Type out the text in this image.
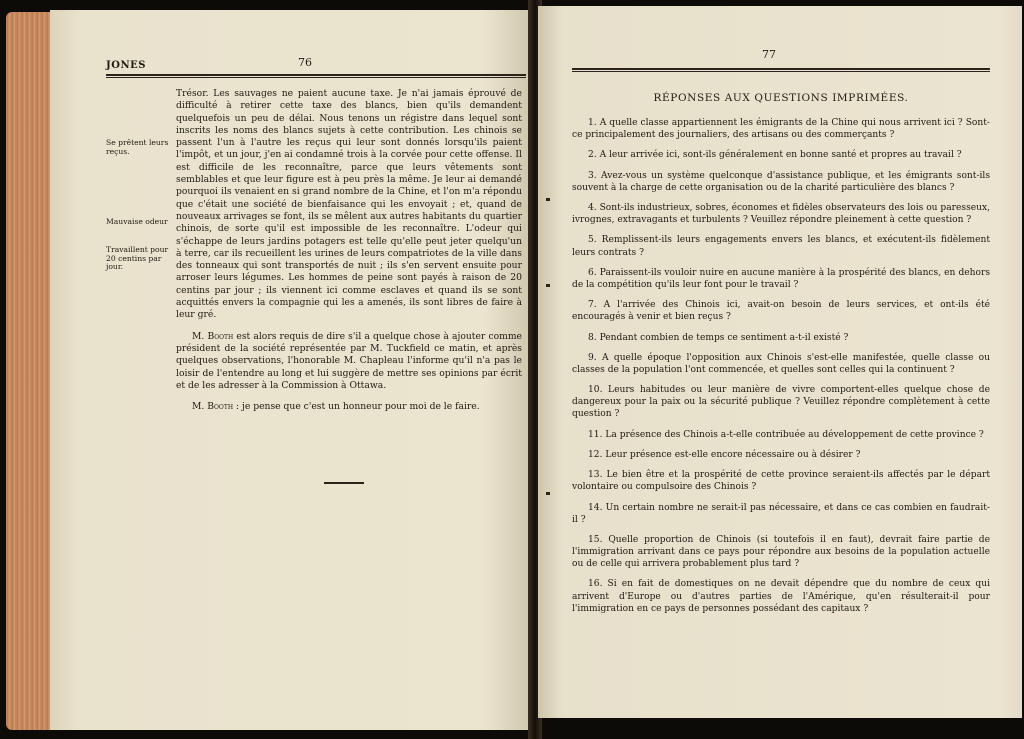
JONES	76
Se prêtent leurs reçus.
Mauvaise odeur
Travaillent pour 20 centins par jour.

Trésor. Les sauvages ne paient aucune taxe. Je n'ai jamais éprouvé de difficulté à retirer cette taxe des blancs, bien qu'ils demandent quelquefois un peu de délai. Nous tenons un régistre dans lequel sont inscrits les noms des blancs sujets à cette contribution. Les chinois se passent l'un à l'autre les reçus qui leur sont donnés lorsqu'ils paient l'impôt, et un jour, j'en ai condamné trois à la corvée pour cette offense. Il est difficile de les reconnaître, parce que leurs vêtements sont semblables et que leur figure est à peu près la même. Je leur ai demandé pourquoi ils venaient en si grand nombre de la Chine, et l'on m'a répondu que c'était une société de bienfaisance qui les envoyait ; et, quand de nouveaux arrivages se font, ils se mêlent aux autres habitants du quartier chinois, de sorte qu'il est impossible de les reconnaître. L'odeur qui s'échappe de leurs jardins potagers est telle qu'elle peut jeter quelqu'un à terre, car ils recueillent les urines de leurs compatriotes de la ville dans des tonneaux qui sont transportés de nuit ; ils s'en servent ensuite pour arroser leurs légumes. Les hommes de peine sont payés à raison de 20 centins par jour ; ils viennent ici comme esclaves et quand ils se sont acquittés envers la compagnie qui les a amenés, ils sont libres de faire à leur gré.

M. Booth est alors requis de dire s'il a quelque chose à ajouter comme président de la société représentée par M. Tuckfield ce matin, et après quelques observations, l'honorable M. Chapleau l'informe qu'il n'a pas le loisir de l'entendre au long et lui suggère de mettre ses opinions par écrit et de les adresser à la Commission à Ottawa.

M. Booth : je pense que c'est un honneur pour moi de le faire.

77
RÉPONSES AUX QUESTIONS IMPRIMÉES.

1. A quelle classe appartiennent les émigrants de la Chine qui nous arrivent ici ? Sont-ce principalement des journaliers, des artisans ou des commerçants ?

2. A leur arrivée ici, sont-ils généralement en bonne santé et propres au travail ?

3. Avez-vous un système quelconque d'assistance publique, et les émigrants sont-ils souvent à la charge de cette organisation ou de la charité particulière des blancs ?

4. Sont-ils industrieux, sobres, économes et fidèles observateurs des lois ou paresseux, ivrognes, extravagants et turbulents ? Veuillez répondre pleinement à cette question ?

5. Remplissent-ils leurs engagements envers les blancs, et exécutent-ils fidèlement leurs contrats ?

6. Paraissent-ils vouloir nuire en aucune manière à la prospérité des blancs, en dehors de la compétition qu'ils leur font pour le travail ?

7. A l'arrivée des Chinois ici, avait-on besoin de leurs services, et ont-ils été encouragés à venir et bien reçus ?

8. Pendant combien de temps ce sentiment a-t-il existé ?

9. A quelle époque l'opposition aux Chinois s'est-elle manifestée, quelle classe ou classes de la population l'ont commencée, et quelles sont celles qui la continuent ?

10. Leurs habitudes ou leur manière de vivre comportent-elles quelque chose de dangereux pour la paix ou la sécurité publique ? Veuillez répondre complètement à cette question ?

11. La présence des Chinois a-t-elle contribuée au développement de cette province ?

12. Leur présence est-elle encore nécessaire ou à désirer ?

13. Le bien être et la prospérité de cette province seraient-ils affectés par le départ volontaire ou compulsoire des Chinois ?

14. Un certain nombre ne serait-il pas nécessaire, et dans ce cas combien en faudrait-il ?

15. Quelle proportion de Chinois (si toutefois il en faut), devrait faire partie de l'immigration arrivant dans ce pays pour répondre aux besoins de la population actuelle ou de celle qui arrivera probablement plus tard ?

16. Si en fait de domestiques on ne devait dépendre que du nombre de ceux qui arrivent d'Europe ou d'autres parties de l'Amérique, qu'en résulterait-il pour l'immigration en ce pays de personnes possédant des capitaux ?
